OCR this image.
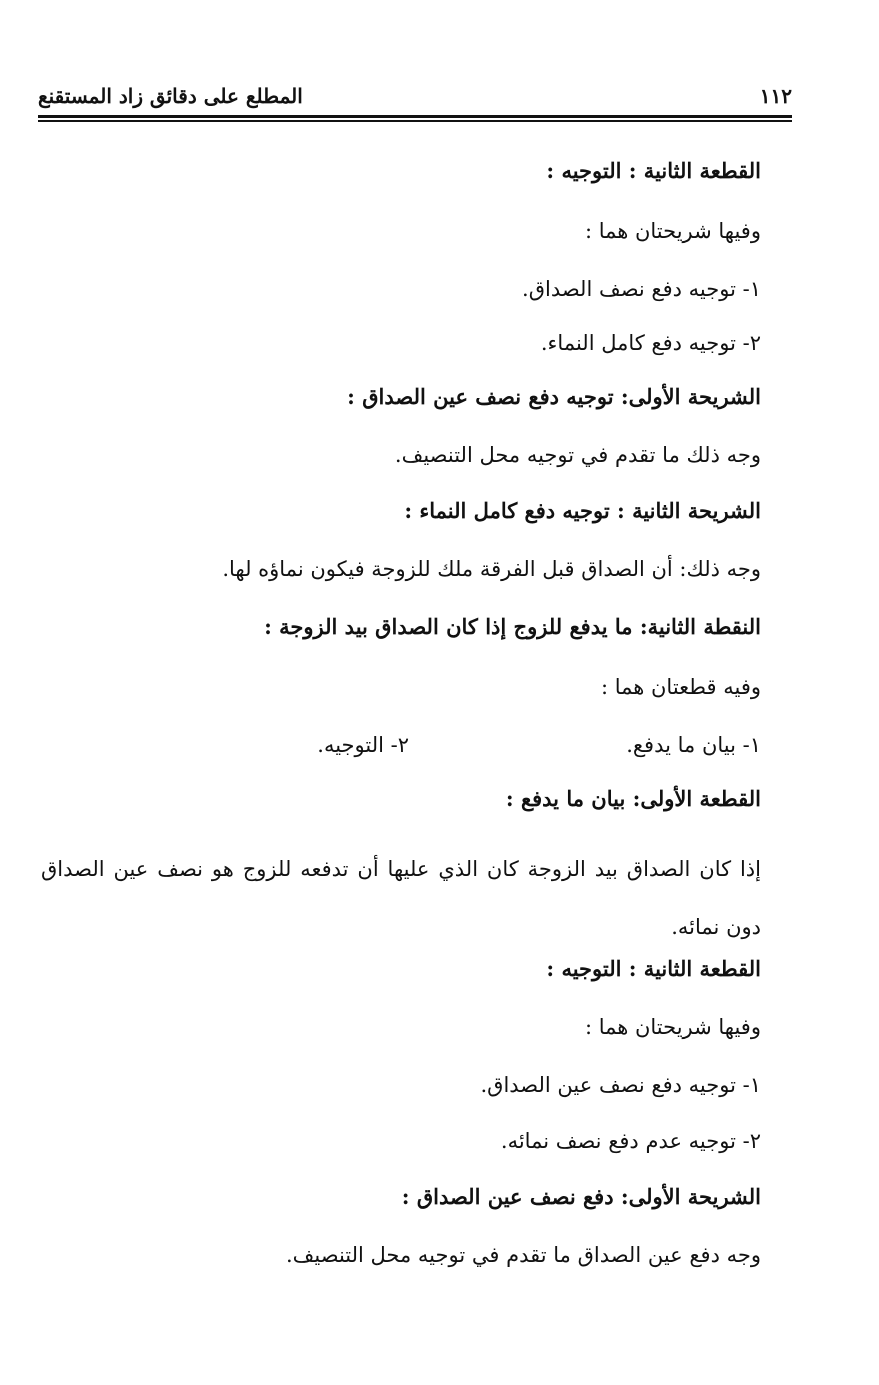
١١٢
المطلع على دقائق زاد المستقنع
القطعة الثانية : التوجيه :
وفيها شريحتان هما :
١- توجيه دفع نصف الصداق.
٢- توجيه دفع كامل النماء.
الشريحة الأولى: توجيه دفع نصف عين الصداق :
وجه ذلك ما تقدم في توجيه محل التنصيف.
الشريحة الثانية : توجيه دفع كامل النماء :
وجه ذلك: أن الصداق قبل الفرقة ملك للزوجة فيكون نماؤه لها.
النقطة الثانية: ما يدفع للزوج إذا كان الصداق بيد الزوجة :
وفيه قطعتان هما :
١- بيان ما يدفع.
٢- التوجيه.
القطعة الأولى: بيان ما يدفع :
إذا كان الصداق بيد الزوجة كان الذي عليها أن تدفعه للزوج هو نصف عين الصداق دون نمائه.
القطعة الثانية : التوجيه :
وفيها شريحتان هما :
١- توجيه دفع نصف عين الصداق.
٢- توجيه عدم دفع نصف نمائه.
الشريحة الأولى: دفع نصف عين الصداق :
وجه دفع عين الصداق ما تقدم في توجيه محل التنصيف.
